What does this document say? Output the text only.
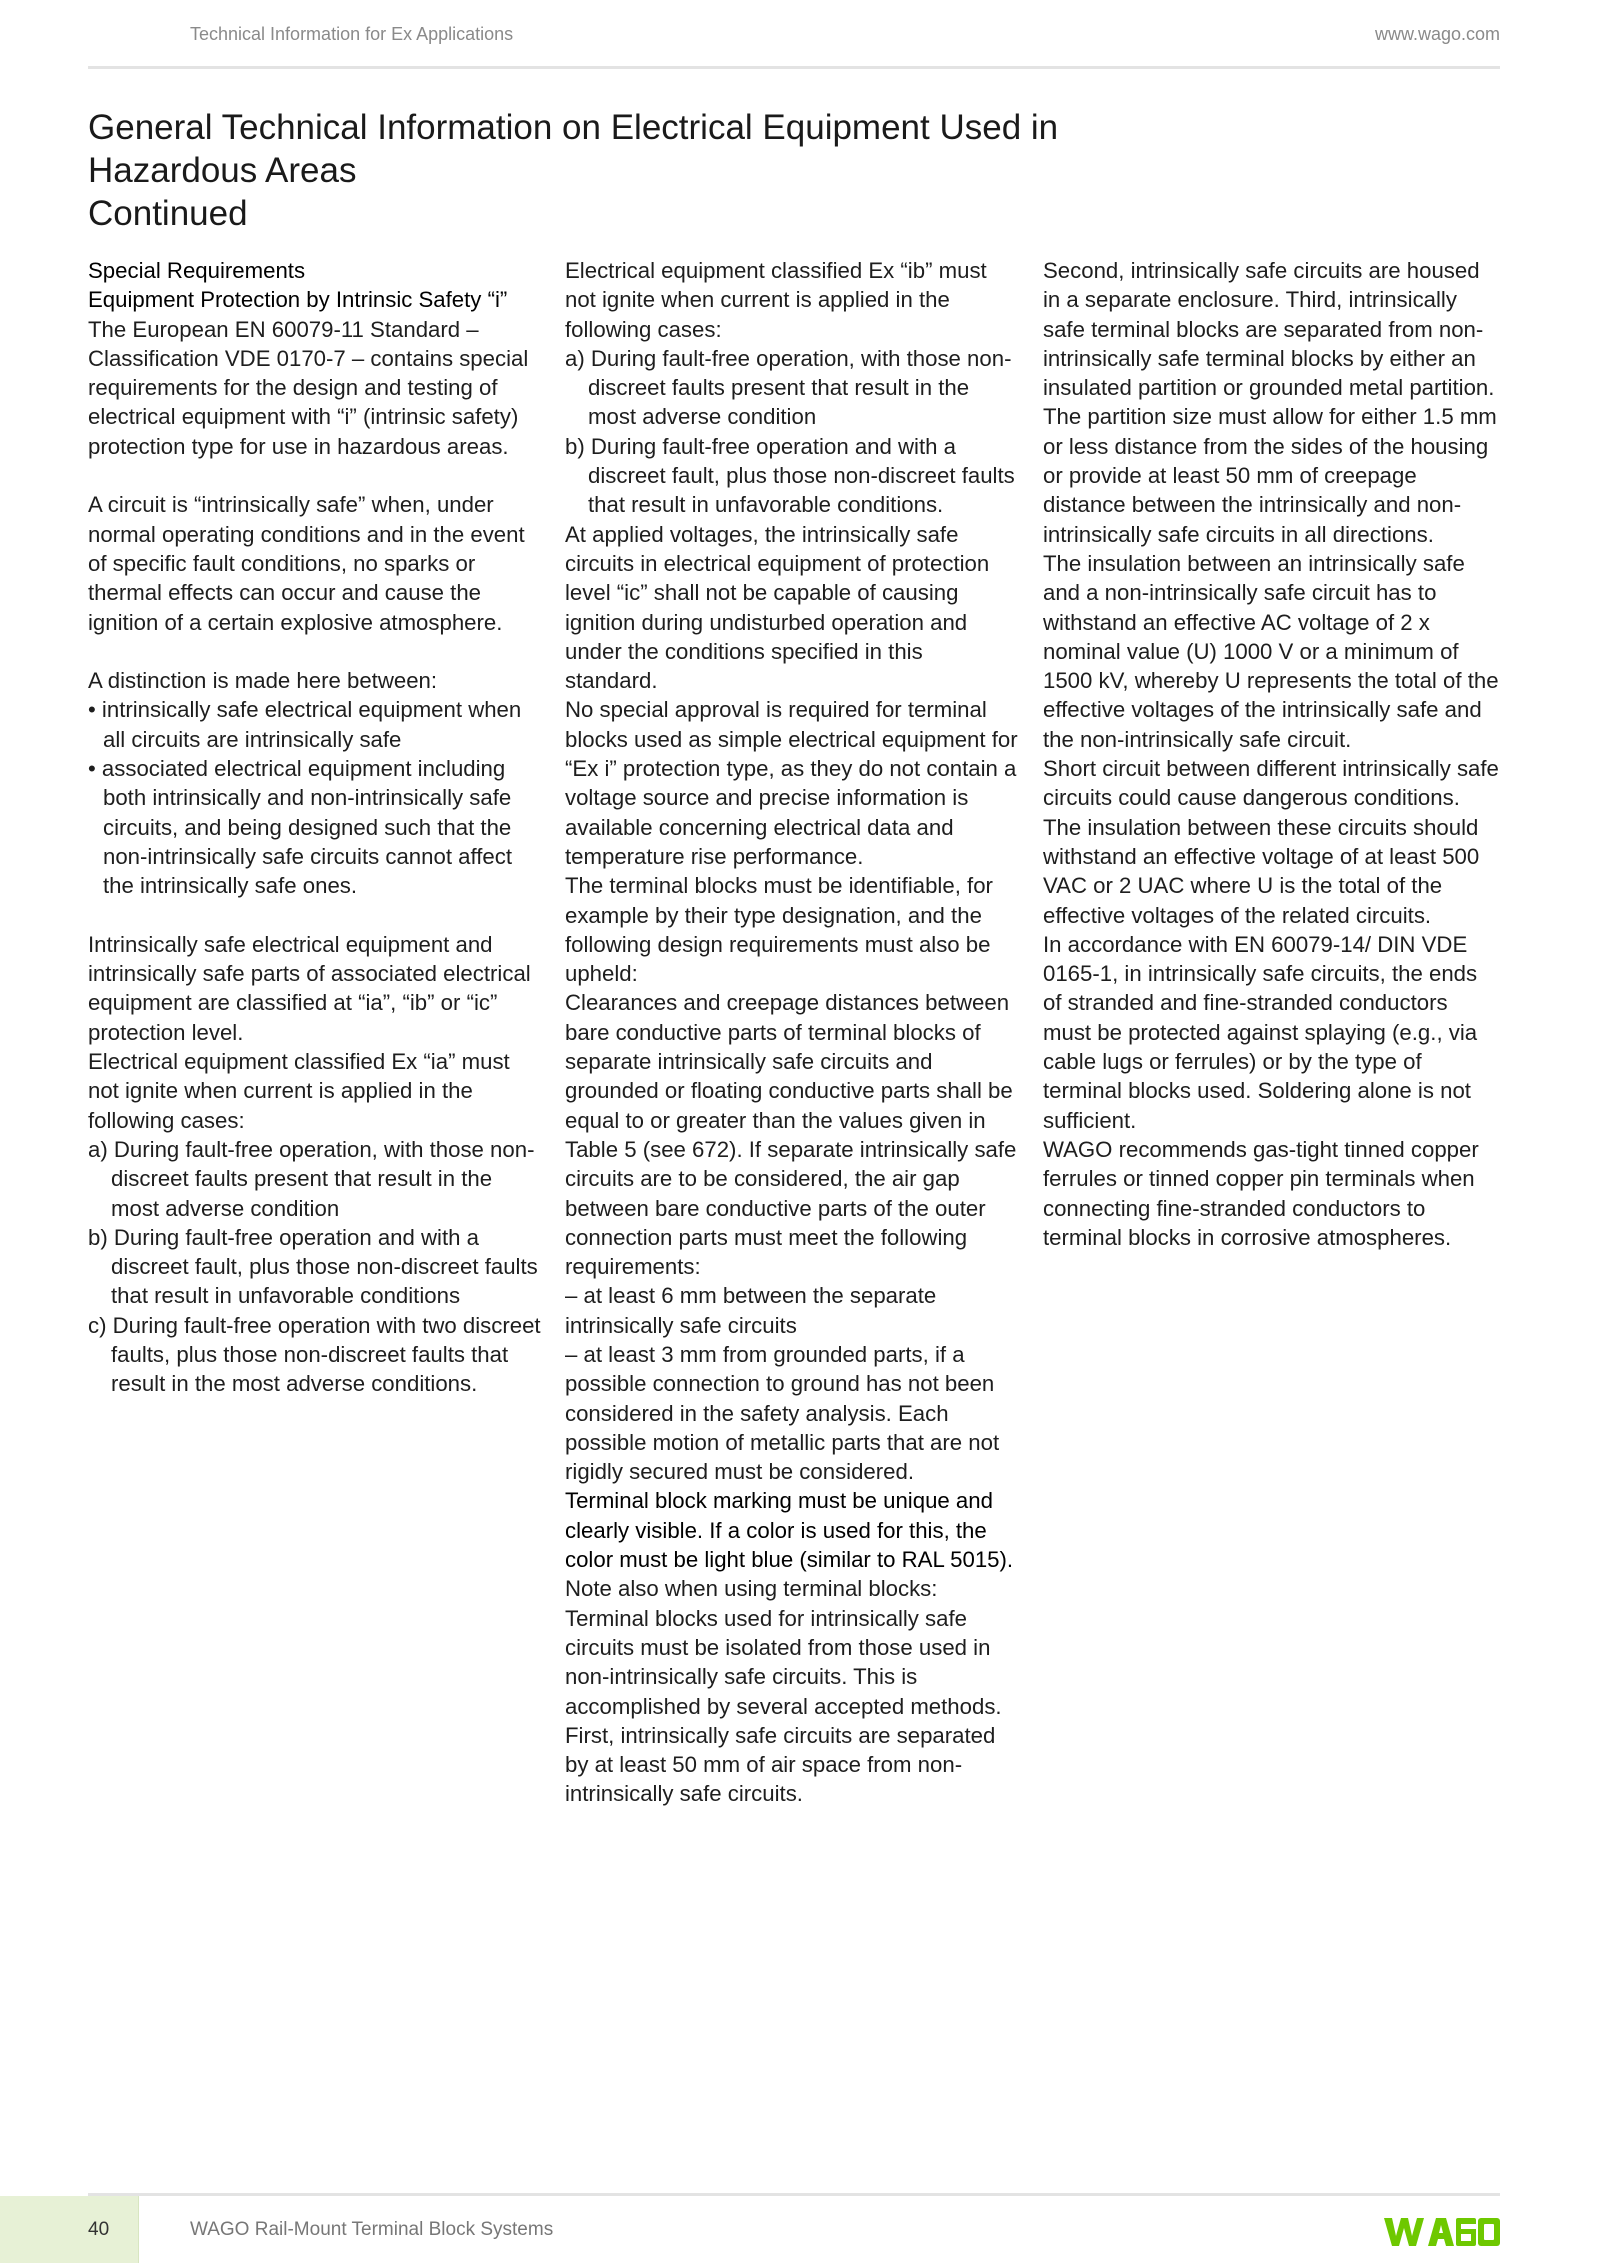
Technical Information for Ex Applications	www.wago.com
General Technical Information on Electrical Equipment Used in Hazardous Areas
Continued

Special Requirements

Equipment Protection by Intrinsic Safety “i”

The European EN 60079-11 Standard – Classification VDE 0170-7 – contains special requirements for the design and testing of electrical equipment with “i” (intrinsic safety) protection type for use in hazardous areas.

A circuit is “intrinsically safe” when, under normal operating conditions and in the event of specific fault conditions, no sparks or thermal effects can occur and cause the ignition of a certain explosive atmosphere.

A distinction is made here between:

• intrinsically safe electrical equipment when all circuits are intrinsically safe
• associated electrical equipment including both intrinsically and non-intrinsically safe circuits, and being designed such that the non-intrinsically safe circuits cannot affect the intrinsically safe ones.

Intrinsically safe electrical equipment and intrinsically safe parts of associated electrical equipment are classified at “ia”, “ib” or “ic” protection level.

Electrical equipment classified Ex “ia” must not ignite when current is applied in the following cases:

a) During fault-free operation, with those non-discreet faults present that result in the most adverse condition
b) During fault-free operation and with a discreet fault, plus those non-discreet faults that result in unfavorable conditions
c) During fault-free operation with two discreet faults, plus those non-discreet faults that result in the most adverse conditions.

Electrical equipment classified Ex “ib” must not ignite when current is applied in the following cases:

a) During fault-free operation, with those non-discreet faults present that result in the most adverse condition
b) During fault-free operation and with a discreet fault, plus those non-discreet faults that result in unfavorable conditions.

At applied voltages, the intrinsically safe circuits in electrical equipment of protection level “ic” shall not be capable of causing ignition during undisturbed operation and under the conditions specified in this standard.

No special approval is required for terminal blocks used as simple electrical equipment for “Ex i” protection type, as they do not contain a voltage source and precise information is available concerning electrical data and temperature rise performance.

The terminal blocks must be identifiable, for example by their type designation, and the following design requirements must also be upheld:

Clearances and creepage distances between bare conductive parts of terminal blocks of separate intrinsically safe circuits and grounded or floating conductive parts shall be equal to or greater than the values given in Table 5 (see 672). If separate intrinsically safe circuits are to be considered, the air gap between bare conductive parts of the outer connection parts must meet the following requirements:

– at least 6 mm between the separate intrinsically safe circuits

– at least 3 mm from grounded parts, if a possible connection to ground has not been considered in the safety analysis. Each possible motion of metallic parts that are not rigidly secured must be considered.

Terminal block marking must be unique and clearly visible. If a color is used for this, the color must be light blue (similar to RAL 5015).

Note also when using terminal blocks:

Terminal blocks used for intrinsically safe circuits must be isolated from those used in non-intrinsically safe circuits. This is accomplished by several accepted methods. First, intrinsically safe circuits are separated by at least 50 mm of air space from non-intrinsically safe circuits.

Second, intrinsically safe circuits are housed in a separate enclosure. Third, intrinsically safe terminal blocks are separated from non-intrinsically safe terminal blocks by either an insulated partition or grounded metal partition. The partition size must allow for either 1.5 mm or less distance from the sides of the housing or provide at least 50 mm of creepage distance between the intrinsically and non-intrinsically safe circuits in all directions.

The insulation between an intrinsically safe and a non-intrinsically safe circuit has to withstand an effective AC voltage of 2 x nominal value (U) 1000 V or a minimum of 1500 kV, whereby U represents the total of the effective voltages of the intrinsically safe and the non-intrinsically safe circuit.

Short circuit between different intrinsically safe circuits could cause dangerous conditions. The insulation between these circuits should withstand an effective voltage of at least 500 VAC or 2 UAC where U is the total of the effective voltages of the related circuits.

In accordance with EN 60079-14/ DIN VDE 0165-1, in intrinsically safe circuits, the ends of stranded and fine-stranded conductors must be protected against splaying (e.g., via cable lugs or ferrules) or by the type of terminal blocks used. Soldering alone is not sufficient.

WAGO recommends gas-tight tinned copper ferrules or tinned copper pin terminals when connecting fine-stranded conductors to terminal blocks in corrosive atmospheres.

40	WAGO Rail-Mount Terminal Block Systems
